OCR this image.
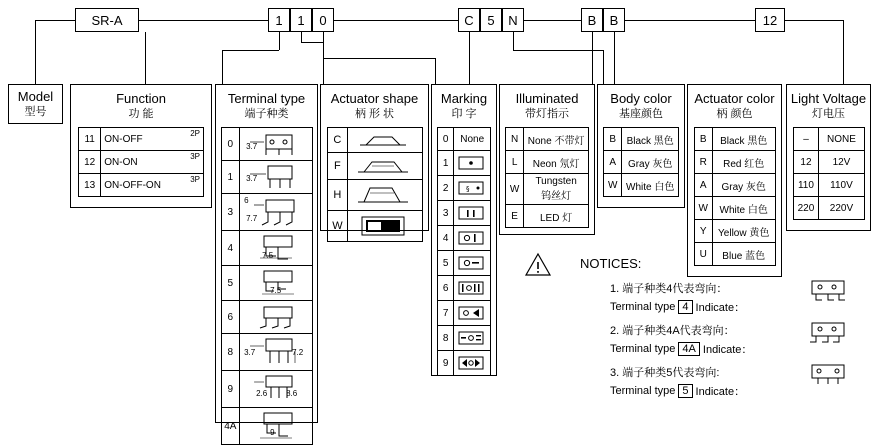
SR-A	1	1	0	C	5	N	B	B	12
Model
型号
Function
功 能
11	ON-OFF 2P

12	ON-ON 3P

13	ON-OFF-ON 3P
Terminal type
端子种类
0	3.7

1	3.7

3	6
7.7

4	7.5

5	7.5

6	

8	3.7 7.2

9	2.6 8.6

4A	9
Actuator shape
柄 形 状
C	

F	

H	

W	
Marking
印 字
0	None
1	

2	§

3	

4	

5	

6	

7	

8	

9	
Illuminated
带灯指示
N	None 不带灯
L	Neon 氖灯
W	Tungsten
钨丝灯

E	LED 灯
Body color
基座颜色
B	Black 黑色
A	Gray 灰色
W	White 白色
Actuator color
柄 颜色
B	Black 黑色
R	Red 红色
A	Gray 灰色
W	White 白色
Y	Yellow 黄色
U	Blue 蓝色
Light Voltage
灯电压
–	NONE
12	12V
110	110V
220	220V
NOTICES:
1. 端子种类4代表弯向：
Terminal type 4 Indicate：
2. 端子种类4A代表弯向：
Terminal type 4A Indicate：
3. 端子种类5代表弯向:
Terminal type 5 Indicate：
